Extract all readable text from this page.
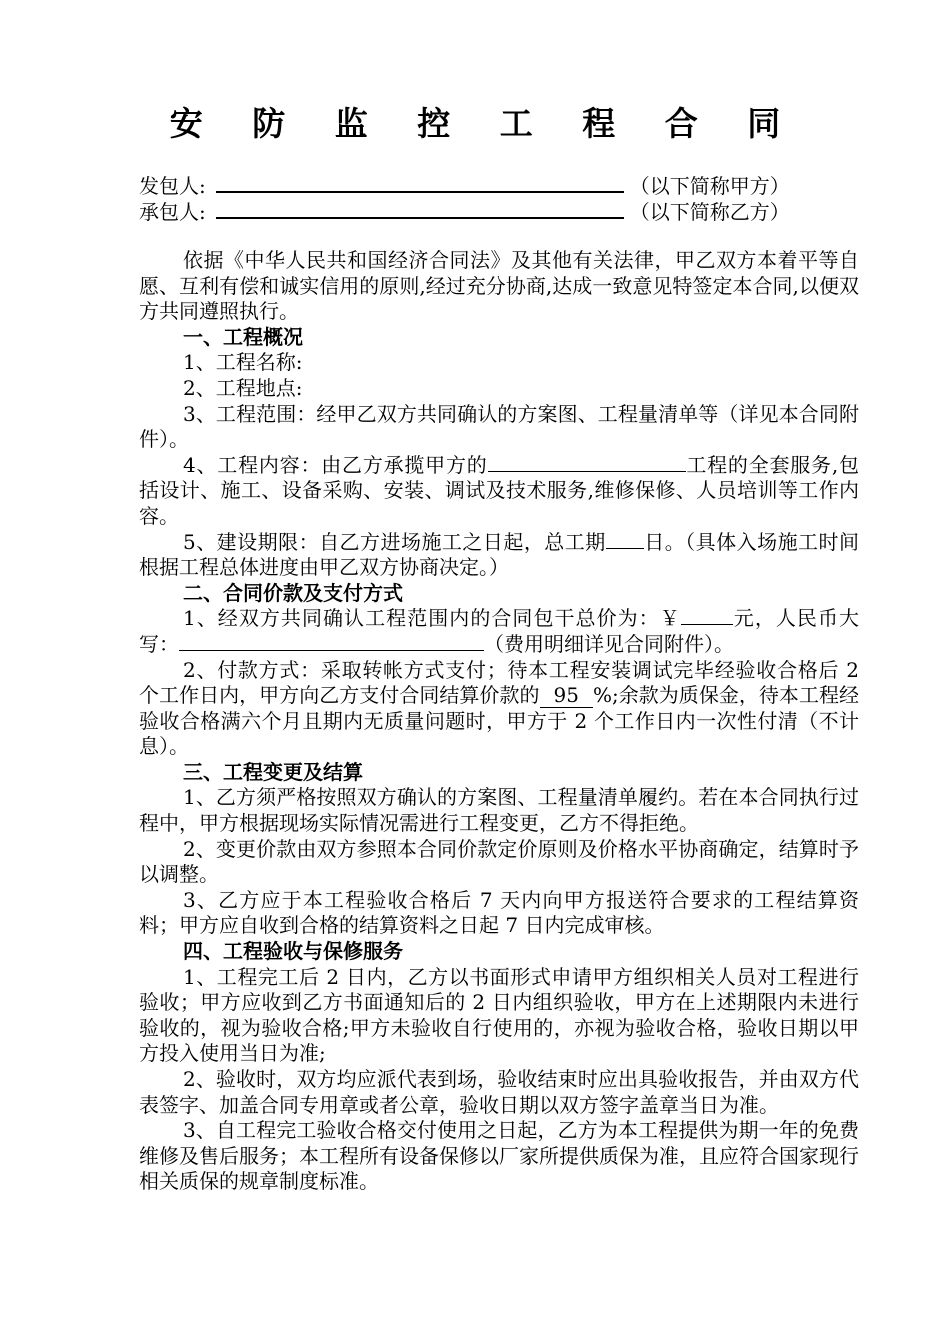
安 防 监 控 工 程 合 同
发包人:	（以下简称甲方）
承包人:	（以下简称乙方）

依据《中华人民共和国经济合同法》及其他有关法律，甲乙双方本着平等自愿、互利有偿和诚实信用的原则,经过充分协商,达成一致意见特签定本合同,以便双方共同遵照执行。

一、工程概况

1、工程名称:

2、工程地点:

3、工程范围：经甲乙双方共同确认的方案图、工程量清单等（详见本合同附件）。

4、工程内容：由乙方承揽甲方的	工程的全套服务,包括设计、施工、设备采购、安装、调试及技术服务,维修保修、人员培训等工作内容。

5、建设期限：自乙方进场施工之日起，总工期 日。（具体入场施工时间根据工程总体进度由甲乙双方协商决定。）

二、合同价款及支付方式

1、经双方共同确认工程范围内的合同包干总价为：￥	元，人民币大写：	（费用明细详见合同附件）。

2、付款方式：采取转帐方式支付；待本工程安装调试完毕经验收合格后 2 个工作日内，甲方向乙方支付合同结算价款的 95 %;余款为质保金，待本工程经验收合格满六个月且期内无质量问题时，甲方于 2 个工作日内一次性付清（不计息）。

三、工程变更及结算

1、乙方须严格按照双方确认的方案图、工程量清单履约。若在本合同执行过程中，甲方根据现场实际情况需进行工程变更，乙方不得拒绝。

2、变更价款由双方参照本合同价款定价原则及价格水平协商确定，结算时予以调整。

3、乙方应于本工程验收合格后 7 天内向甲方报送符合要求的工程结算资料；甲方应自收到合格的结算资料之日起 7 日内完成审核。

四、工程验收与保修服务

1、工程完工后 2 日内，乙方以书面形式申请甲方组织相关人员对工程进行验收；甲方应收到乙方书面通知后的 2 日内组织验收，甲方在上述期限内未进行验收的，视为验收合格;甲方未验收自行使用的，亦视为验收合格，验收日期以甲方投入使用当日为准;

2、验收时，双方均应派代表到场，验收结束时应出具验收报告，并由双方代表签字、加盖合同专用章或者公章，验收日期以双方签字盖章当日为准。

3、自工程完工验收合格交付使用之日起，乙方为本工程提供为期一年的免费维修及售后服务；本工程所有设备保修以厂家所提供质保为准，且应符合国家现行相关质保的规章制度标准。
